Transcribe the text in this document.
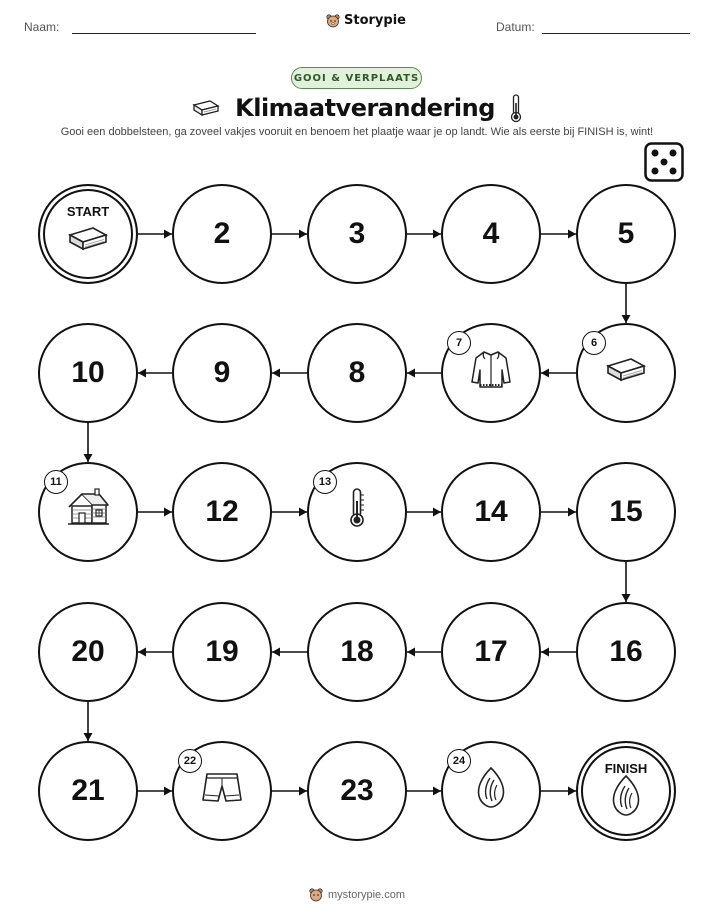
Naam:	Storypie	Datum:
GOOI & VERPLAATS
Klimaatverandering
Gooi een dobbelsteen, ga zoveel vakjes vooruit en benoem het plaatje waar je op landt. Wie als eerste bij FINISH is, wint!
START
2	3	4	5
6
7
8
9
10
11
12
13
14	15
16
17
18
19
20
21
22
23
24	FINISH
mystorypie.com
